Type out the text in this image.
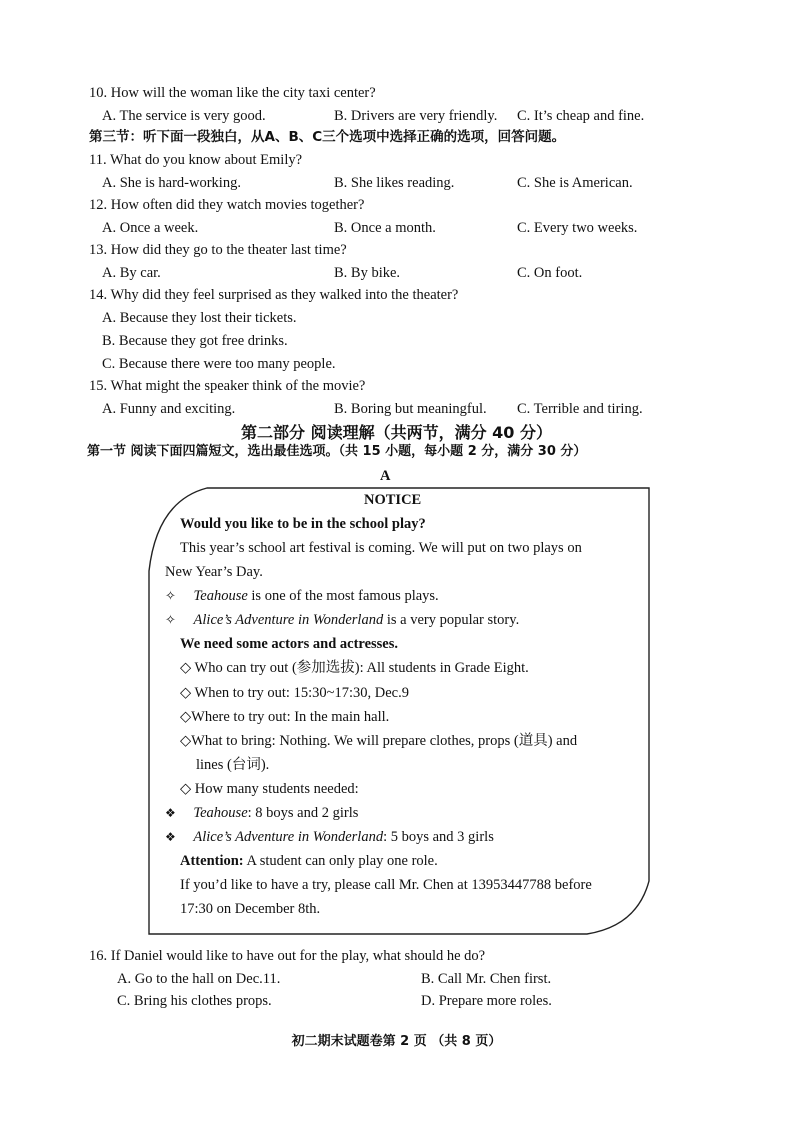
10. How will the woman like the city taxi center?
A. The service is very good.	B. Drivers are very friendly. C. It’s cheap and fine.
第三节：听下面一段独白，从A、B、C三个选项中选择正确的选项，回答问题。
11. What do you know about Emily?
A. She is hard-working.	B. She likes reading.	C. She is American.
12. How often did they watch movies together?
A. Once a week.	B. Once a month.	C. Every two weeks.
13. How did they go to the theater last time?
A. By car.	B. By bike.	C. On foot.
14. Why did they feel surprised as they walked into the theater?
A. Because they lost their tickets.
B. Because they got free drinks.
C. Because there were too many people.
15. What might the speaker think of the movie?
A. Funny and exciting.	B. Boring but meaningful. C. Terrible and tiring.
第二部分 阅读理解（共两节，满分 40 分）
第一节 阅读下面四篇短文，选出最佳选项。（共 15 小题，每小题 2 分，满分 30 分）
A
NOTICE
Would you like to be in the school play?
This year’s school art festival is coming. We will put on two plays on
New Year’s Day.
✧ Teahouse is one of the most famous plays.
✧ Alice’s Adventure in Wonderland is a very popular story.
We need some actors and actresses.
◇ Who can try out (参加选拔): All students in Grade Eight.
◇ When to try out: 15:30~17:30, Dec.9
◇Where to try out: In the main hall.
◇What to bring: Nothing. We will prepare clothes, props (道具) and
lines (台词).
◇ How many students needed:
❖ Teahouse: 8 boys and 2 girls
❖ Alice’s Adventure in Wonderland: 5 boys and 3 girls
Attention: A student can only play one role.
If you’d like to have a try, please call Mr. Chen at 13953447788 before
17:30 on December 8th.
16. If Daniel would like to have out for the play, what should he do?
A. Go to the hall on Dec.11.	B. Call Mr. Chen first.
C. Bring his clothes props.	D. Prepare more roles.
初二期末试题卷第 2 页 （共 8 页）
